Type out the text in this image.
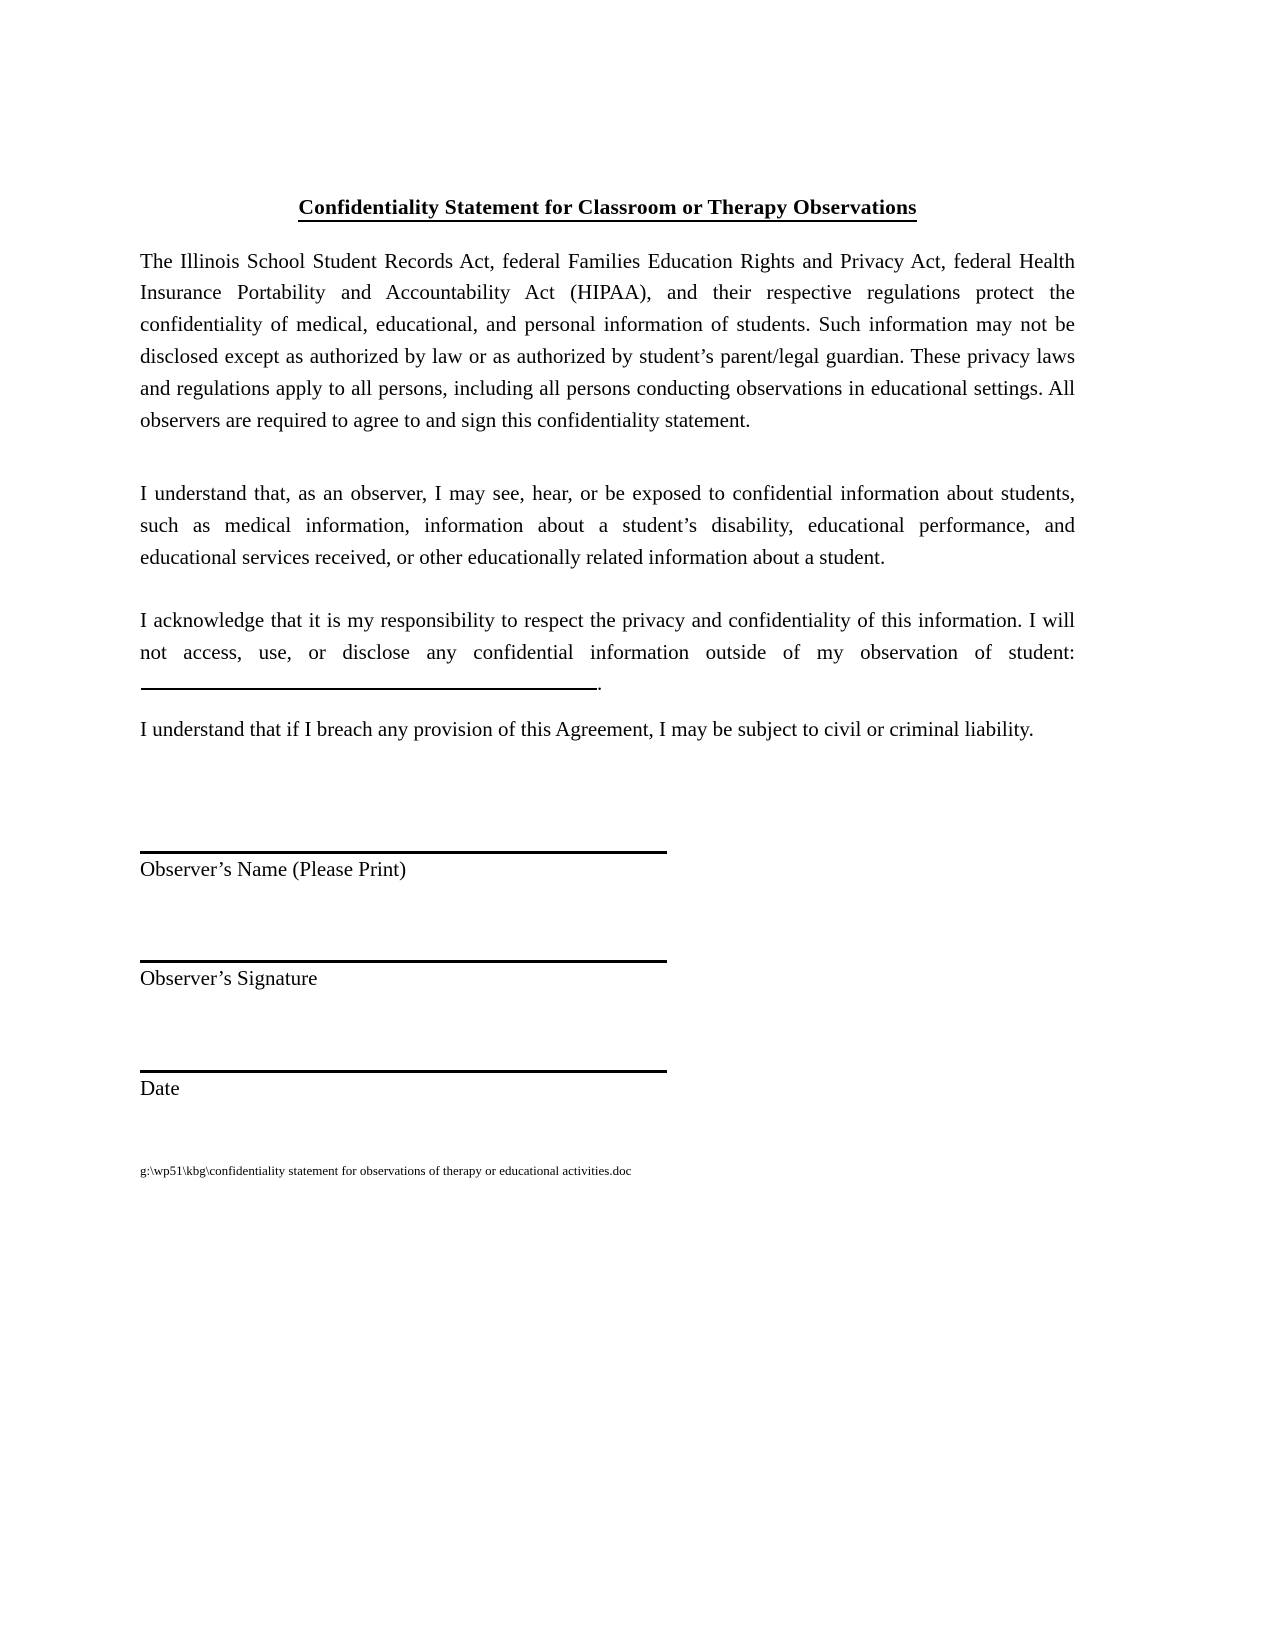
Confidentiality Statement for Classroom or Therapy Observations

The Illinois School Student Records Act, federal Families Education Rights and Privacy Act, federal Health Insurance Portability and Accountability Act (HIPAA), and their respective regulations protect the confidentiality of medical, educational, and personal information of students. Such information may not be disclosed except as authorized by law or as authorized by student’s parent/legal guardian. These privacy laws and regulations apply to all persons, including all persons conducting observations in educational settings. All observers are required to agree to and sign this confidentiality statement.

I understand that, as an observer, I may see, hear, or be exposed to confidential information about students, such as medical information, information about a student’s disability, educational performance, and educational services received, or other educationally related information about a student.

I acknowledge that it is my responsibility to respect the privacy and confidentiality of this information. I will not access, use, or disclose any confidential information outside of my observation of student:.

I understand that if I breach any provision of this Agreement, I may be subject to civil or criminal liability.

Observer’s Name (Please Print)

Observer’s Signature

Date

g:\wp51\kbg\confidentiality statement for observations of therapy or educational activities.doc
